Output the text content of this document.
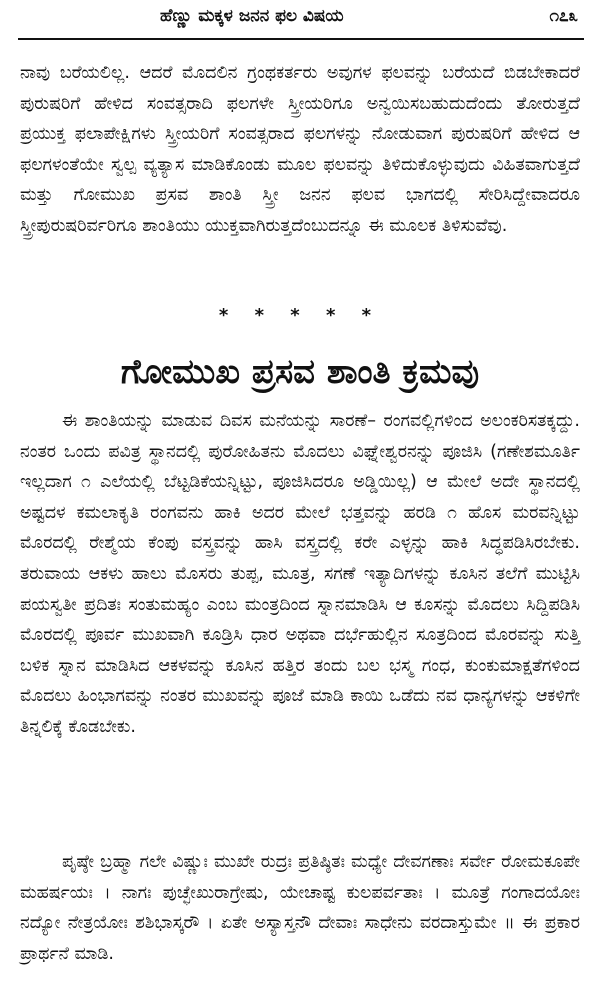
ಹೆಣ್ಣು ಮಕ್ಕಳ ಜನನ ಫಲ ವಿಷಯ	೧೭೩

ನಾವು ಬರೆಯಲಿಲ್ಲ. ಆದರೆ ಮೊದಲಿನ ಗ್ರಂಥಕರ್ತರು ಅವುಗಳ ಫಲವನ್ನು ಬರೆಯದೆ ಬಿಡಬೇಕಾದರೆ ಪುರುಷರಿಗೆ ಹೇಳಿದ ಸಂವತ್ಸರಾದಿ ಫಲಗಳೇ ಸ್ತ್ರೀಯರಿಗೂ ಅನ್ವಯಿಸಬಹುದುದೆಂದು ತೋರುತ್ತದೆ ಪ್ರಯುಕ್ತ ಫಲಾಪೇಕ್ಷಿಗಳು ಸ್ತ್ರೀಯರಿಗೆ ಸಂವತ್ಸರಾದ ಫಲಗಳನ್ನು ನೋಡುವಾಗ ಪುರುಷರಿಗೆ ಹೇಳಿದ ಆ ಫಲಗಳಂತೆಯೇ ಸ್ವಲ್ಪ ವ್ಯತ್ಯಾಸ ಮಾಡಿಕೊಂಡು ಮೂಲ ಫಲವನ್ನು ತಿಳಿದುಕೊಳ್ಳುವುದು ವಿಹಿತವಾಗುತ್ತದೆ ಮತ್ತು ಗೋಮುಖ ಪ್ರಸವ ಶಾಂತಿ ಸ್ತ್ರೀ ಜನನ ಫಲವ ಭಾಗದಲ್ಲಿ ಸೇರಿಸಿದ್ದೇವಾದರೂ ಸ್ತ್ರೀಪುರುಷರಿರ್ವರಿಗೂ ಶಾಂತಿಯು ಯುಕ್ತವಾಗಿರುತ್ತದೆಂಬುದನ್ನೂ ಈ ಮೂಲಕ ತಿಳಿಸುವೆವು.

* * * * *
ಗೋಮುಖ ಪ್ರಸವ ಶಾಂತಿ ಕ್ರಮವು

ಈ ಶಾಂತಿಯನ್ನು ಮಾಡುವ ದಿವಸ ಮನೆಯನ್ನು ಸಾರಣೆ– ರಂಗವಲ್ಲಿಗಳಿಂದ ಅಲಂಕರಿಸತಕ್ಕದ್ದು. ನಂತರ ಒಂದು ಪವಿತ್ರ ಸ್ಥಾನದಲ್ಲಿ ಪುರೋಹಿತನು ಮೊದಲು ವಿಘ್ನೇಶ್ವರನನ್ನು ಪೂಜಿಸಿ (ಗಣೇಶಮೂರ್ತಿ ಇಲ್ಲದಾಗ ೧ ಎಲೆಯಲ್ಲಿ ಬೆಟ್ಟಡಿಕೆಯನ್ನಿಟ್ಟು, ಪೂಜಿಸಿದರೂ ಅಡ್ಡಿಯಿಲ್ಲ) ಆ ಮೇಲೆ ಅದೇ ಸ್ಥಾನದಲ್ಲಿ ಅಷ್ಟದಳ ಕಮಲಾಕೃತಿ ರಂಗವನು ಹಾಕಿ ಅದರ ಮೇಲೆ ಭತ್ತವನ್ನು ಹರಡಿ ೧ ಹೊಸ ಮರವನ್ನಿಟ್ಟು ಮೊರದಲ್ಲಿ ರೇಶ್ಮೆಯ ಕೆಂಪು ವಸ್ತ್ರವನ್ನು ಹಾಸಿ ವಸ್ತ್ರದಲ್ಲಿ ಕರೇ ಎಳ್ಳನ್ನು ಹಾಕಿ ಸಿದ್ಧಪಡಿಸಿರಬೇಕು. ತರುವಾಯ ಆಕಳು ಹಾಲು ಮೊಸರು ತುಪ್ಪ, ಮೂತ್ರ, ಸಗಣೆ ಇತ್ಯಾದಿಗಳನ್ನು ಕೂಸಿನ ತಲೆಗೆ ಮುಟ್ಟಿಸಿ ಪಯಸ್ವತೀ ಪ್ರದಿತಃ ಸಂತುಮಹ್ಯಂ ಎಂಬ ಮಂತ್ರದಿಂದ ಸ್ನಾನಮಾಡಿಸಿ ಆ ಕೂಸನ್ನು ಮೊದಲು ಸಿದ್ದಿಪಡಿಸಿ ಮೊರದಲ್ಲಿ ಪೂರ್ವ ಮುಖವಾಗಿ ಕೂಡ್ರಿಸಿ ಧಾರ ಅಥವಾ ದರ್ಭೆಹುಲ್ಲಿನ ಸೂತ್ರದಿಂದ ಮೊರವನ್ನು ಸುತ್ತಿ ಬಳಿಕ ಸ್ನಾನ ಮಾಡಿಸಿದ ಆಕಳವನ್ನು ಕೂಸಿನ ಹತ್ತಿರ ತಂದು ಬಲ ಭಸ್ಮ ಗಂಧ, ಕುಂಕುಮಾಕ್ಷತೆಗಳಿಂದ ಮೊದಲು ಹಿಂಭಾಗವನ್ನು ನಂತರ ಮುಖವನ್ನು ಪೂಜೆ ಮಾಡಿ ಕಾಯಿ ಒಡೆದು ನವ ಧಾನ್ಯಗಳನ್ನು ಆಕಳಿಗೇ ತಿನ್ನಲಿಕ್ಕೆ ಕೊಡಬೇಕು.

ಪೃಷ್ಠೇ ಬ್ರಹ್ಮಾ ಗಲೇ ವಿಷ್ಣುಃ ಮುಖೇ ರುದ್ರಃ ಪ್ರತಿಷ್ಠಿತಃ ಮಧ್ಯೇ ದೇವಗಣಾಃ ಸರ್ವೇ ರೋಮಕೂಪೇ ಮಹರ್ಷಯಃ । ನಾಗಃ ಪುಚ್ಛೇಖುರಾಗ್ರೇಷು, ಯೇಚಾಷ್ಟ ಕುಲಪರ್ವತಾಃ । ಮೂತ್ರೆ ಗಂಗಾದಯೋಃ ನದ್ಯೋ ನೇತ್ರಯೋಃ ಶಶಿಭಾಸ್ಕರೌ । ಏತೇ ಅಸ್ಯಾಸ್ತನೌ ದೇವಾಃ ಸಾಧೇನು ವರದಾಸ್ತುಮೇ ॥ ಈ ಪ್ರಕಾರ ಪ್ರಾರ್ಥನೆ ಮಾಡಿ.
